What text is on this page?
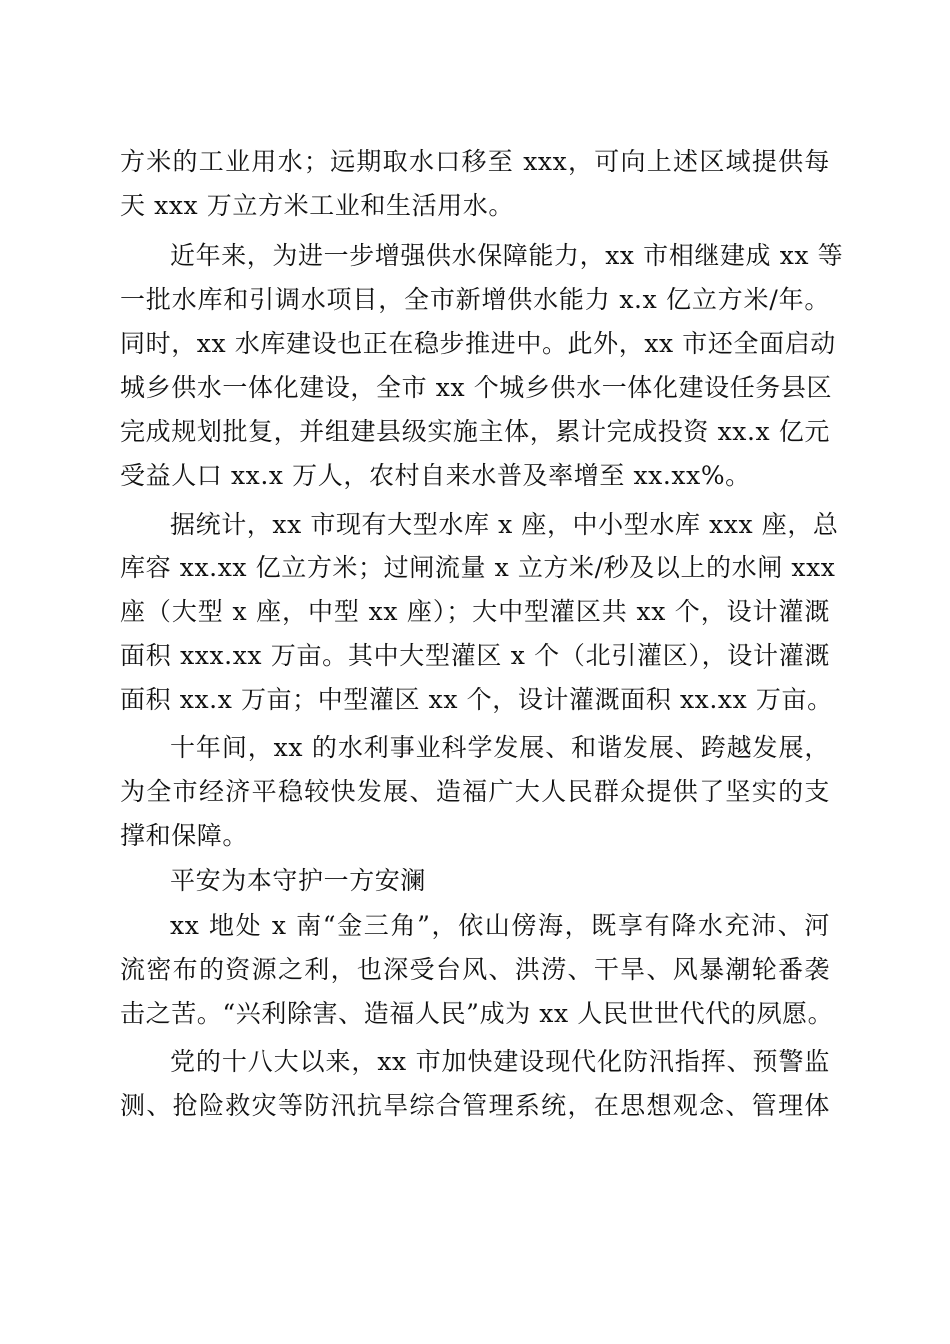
方米的工业用水；远期取水口移至 xxx，可向上述区域提供每
天 xxx 万立方米工业和生活用水。
近年来，为进一步增强供水保障能力，xx 市相继建成 xx 等
一批水库和引调水项目，全市新增供水能力 x.x 亿立方米/年。
同时，xx 水库建设也正在稳步推进中。此外，xx 市还全面启动
城乡供水一体化建设，全市 xx 个城乡供水一体化建设任务县区
完成规划批复，并组建县级实施主体，累计完成投资 xx.x 亿元
受益人口 xx.x 万人，农村自来水普及率增至 xx.xx%。
据统计，xx 市现有大型水库 x 座，中小型水库 xxx 座，总
库容 xx.xx 亿立方米；过闸流量 x 立方米/秒及以上的水闸 xxx
座（大型 x 座，中型 xx 座）；大中型灌区共 xx 个，设计灌溉
面积 xxx.xx 万亩。其中大型灌区 x 个（北引灌区），设计灌溉
面积 xx.x 万亩；中型灌区 xx 个，设计灌溉面积 xx.xx 万亩。
十年间，xx 的水利事业科学发展、和谐发展、跨越发展，
为全市经济平稳较快发展、造福广大人民群众提供了坚实的支
撑和保障。
平安为本守护一方安澜
xx 地处 x 南“金三角”，依山傍海，既享有降水充沛、河
流密布的资源之利，也深受台风、洪涝、干旱、风暴潮轮番袭
击之苦。“兴利除害、造福人民”成为 xx 人民世世代代的夙愿。
党的十八大以来，xx 市加快建设现代化防汛指挥、预警监
测、抢险救灾等防汛抗旱综合管理系统，在思想观念、管理体
